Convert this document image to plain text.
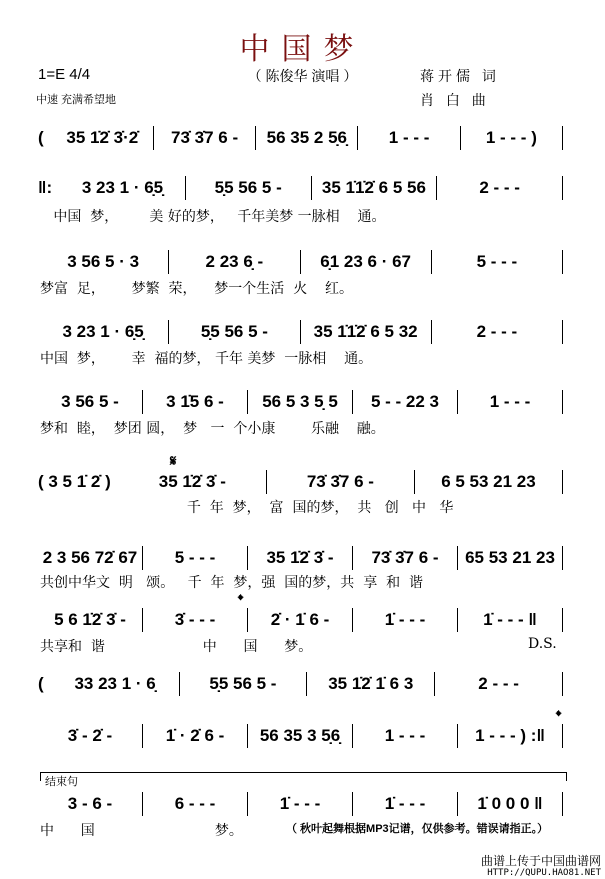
中国梦
1=E 4/4
中速 充满希望地
（ 陈俊华 演唱 ）	蒋开儒 词
肖 白 曲
(	35 1̇2̇ 3̇·2̇	73̇ 3̇7 6 -	56 35 2 5̣6̣	1 - - -	1 - - - )
‖:	3 23 1 · 6̣5̣	5̣5 56 5 -	35 1̇1̇2̇ 6 5 56	2 - - -
中国  梦，       美 好的梦，   千年美梦 一脉相    通。
3 56 5 · 3	2 23 6̣ -	6̣1 23 6 · 67	5 - - -
梦富  足，      梦繁  荣，    梦一个生活  火    红。
3 23 1 · 6̣5̣	5̣5 56 5 -	35 1̇1̇2̇ 6 5 32	2 - - -
中国  梦，      幸  福的梦， 千年 美梦  一脉相    通。
3 56 5 -	3 1̇5 6 -	56 5 3 5̣ 5	5 - - 22 3	1 - - -
梦和  睦，  梦团 圆，  梦   一  个小康        乐融    融。
( 3 5 1̇ 2̇ )	35 1̇2̇ 3̇ -	73̇ 3̇7 6 -	6 5 53 21 23
千  年  梦，  富  国的梦，  共   创   中   华
2 3 56 72̇ 67	5 - - -	35 1̇2̇ 3̇ -	73̇ 3̇7 6 -	65 53 21 23
共创中华文  明   颂。   千  年  梦，强  国的梦，共  享  和  谐
5 6 1̇2̇ 3̇ -	3̇ - - -	2̇ · 1̇ 6 -	1̇ - - -	1̇ - - - ‖
共享和  谐                      中      国      梦。
(	33 23 1 · 6̣	5̣5 56 5 -	35 1̇2̇ 1̇ 6 3	2 - - -
3̇ - 2̇ -	1̇ · 2̇ 6 -	56 35 3 5̣6̣	1 - - -	1 - - - ) :‖
3 - 6 -	6 - - -	1̇ - - -	1̇ - - -	1̇ 0 0 0 ‖
中      国                           梦。
𝄋
𝄌
𝄌
D.S.
结束句
（ 秋叶起舞根据MP3记谱，仅供参考。错误请指正。）
曲谱上传于中国曲谱网
HTTP://QUPU.HAO81.NET
